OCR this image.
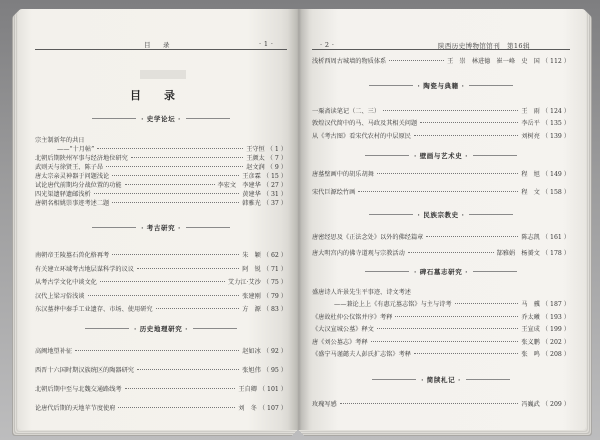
目　录	· 1 ·
目　录
· 史学论坛 ·
宗主制新年的共日
——“十月帖”	王守恒 （ 1 ）
北朝后期陕州军事与经济地位研究	王颜太 （ 7 ）
武则天与徐贤王、陈子昂	赵文润 （ 9 ）
唐太宗亲灵神器于问题浅论	王彦霖 （ 15 ）
试论唐代前期均分战位置的功能	李宏文　李建华 （ 27 ）
四光渠遗驿遗邮浅析	黄建华 （ 31 ）
唐朝名相姚崇事迹考述二题	韩雅光 （ 37 ）
· 考古研究 ·
南朝帝王陵墓石兽化格再考	朱　颖 （ 62 ）
有关建立环域考古地层谋科学的议议	阿　锐 （ 71 ）
从考古学文化中谈文化	艾力江·艾沙 （ 75 ）
汉代上梁习俗浅谈	张建刚 （ 79 ）
东汉墓葬中秦手工业遗存、市场、使用研究	方　源 （ 83 ）
· 历史地理研究 ·
高阙地望补征	赵如冰 （ 92 ）
西晋十六国时期汉族统区的陶器研究	张旭伟 （ 95 ）
北朝后期中至与北魏交通路线考	王自卿 （ 101 ）
论唐代后期的天地苹节度使府	刘　冬 （ 107 ）
· 2 ·	陕西历史博物馆馆刊　第16辑
浅析西周古城墙的物质体系	王　崇　林进德　崔一峰　史　国 （ 112 ）
· 陶瓷与典籍 ·
一粟斋读笔记（二、三）	王　雨 （ 124 ）
敦煌汉代简中的马、马政及其相关问题	李岳平 （ 135 ）
从《考古图》看宋代农村的中层原民	刘树亮 （ 139 ）
· 壁画与艺术史 ·
唐墓壁画中的胡乐胡舞	程　旭 （ 149 ）
宋代巨源绘竹画	程　文 （ 158 ）
· 民族宗教史 ·
唐密经思及《正法念处》以外的佛经篇章	陈志凯 （ 161 ）
唐大明宫内的佛寺道观与宗教活动	郜雅娟　杨赟文 （ 178 ）
· 碑石墓志研究 ·
盛唐诗人许景先生平事迹、诗文考述
——兼论上上《有惠元墓志铭》与主与诗考	马　骥 （ 187 ）
《唐故杜仲公仪铭并序》考释	乔太曦 （ 193 ）
《大汉宣城公墓》释文	王宣成 （ 199 ）
唐《刘公墓志》考释	张义鹏 （ 202 ）
《盛宁马谨懿夫人彭氏扩志铭》考释	张　鸣 （ 208 ）
· 简牍札记 ·
玫瑰写感	冯巍武 （ 209 ）
